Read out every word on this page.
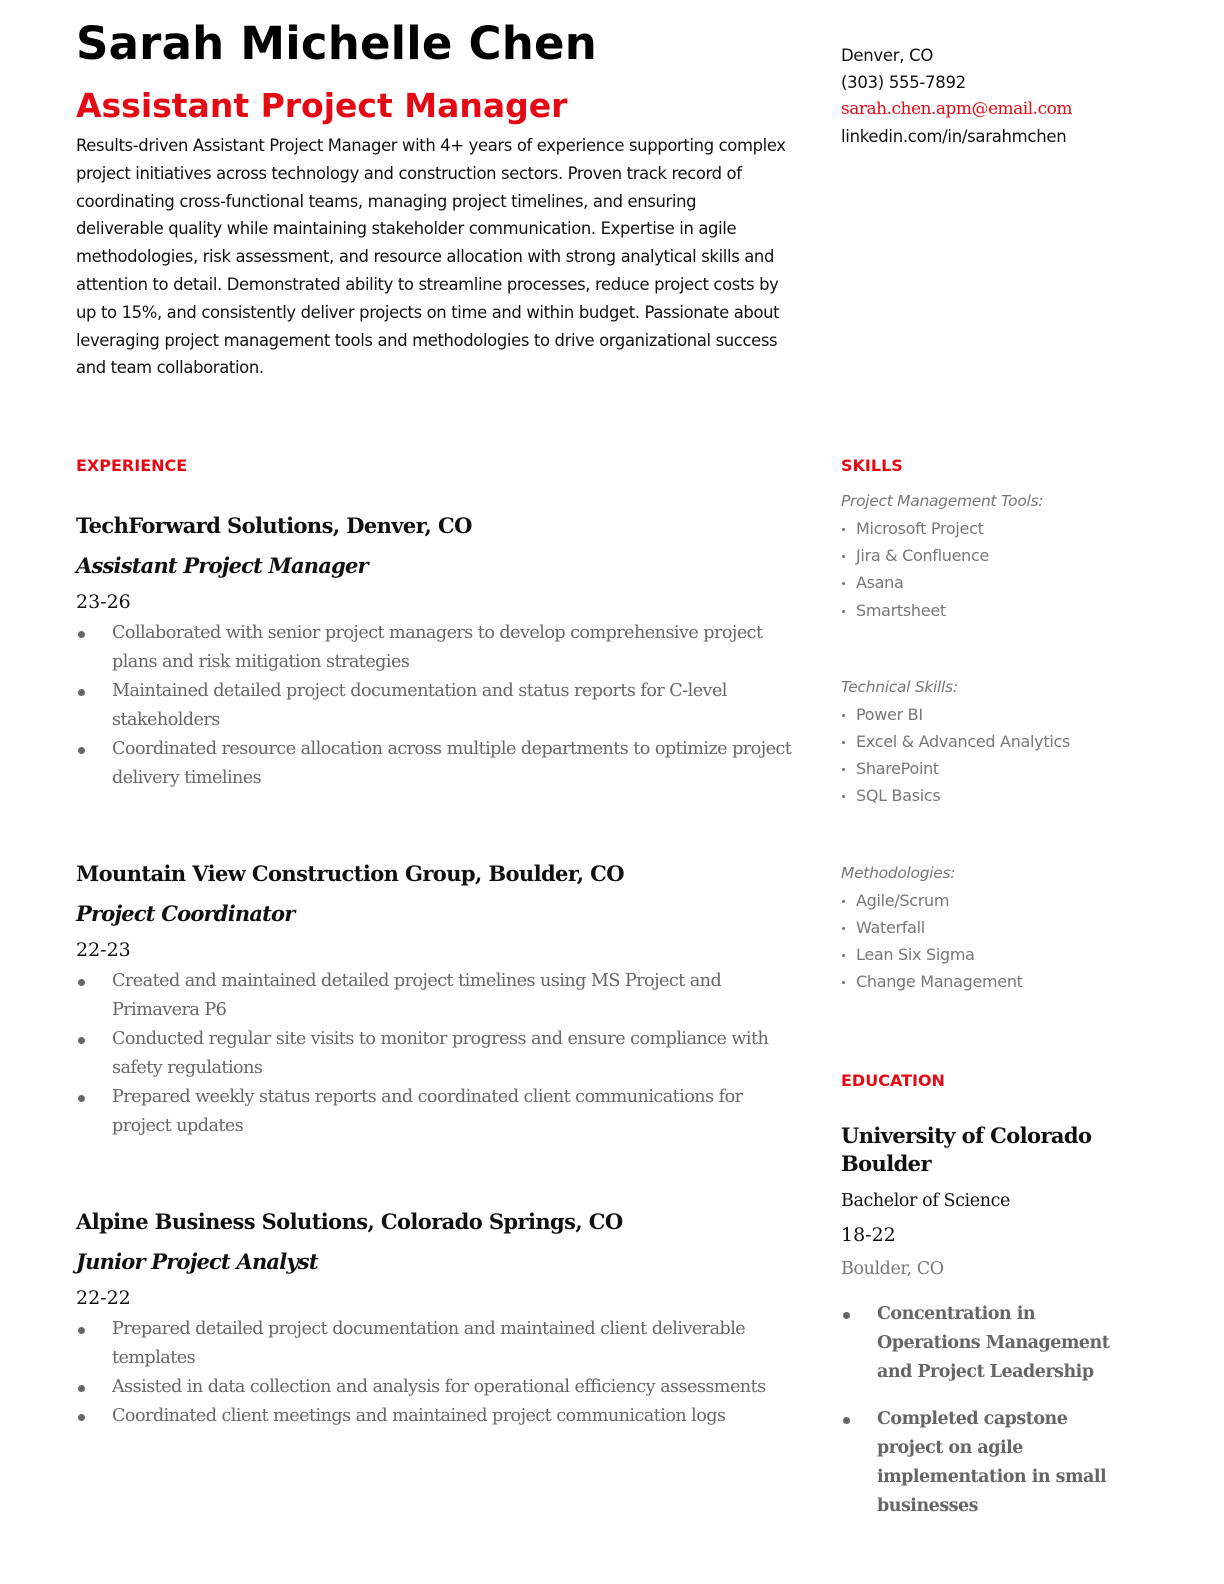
Sarah Michelle Chen
Assistant Project Manager

Results-driven Assistant Project Manager with 4+ years of experience supporting complex project initiatives across technology and construction sectors. Proven track record of coordinating cross-functional teams, managing project timelines, and ensuring deliverable quality while maintaining stakeholder communication. Expertise in agile methodologies, risk assessment, and resource allocation with strong analytical skills and attention to detail. Demonstrated ability to streamline processes, reduce project costs by up to 15%, and consistently deliver projects on time and within budget. Passionate about leveraging project management tools and methodologies to drive organizational success and team collaboration.

Denver, CO
(303) 555-7892
sarah.chen.apm@email.com
linkedin.com/in/sarahmchen
EXPERIENCE
TechForward Solutions, Denver, CO
Assistant Project Manager
23-26
Collaborated with senior project managers to develop comprehensive project plans and risk mitigation strategies
Maintained detailed project documentation and status reports for C-level stakeholders
Coordinated resource allocation across multiple departments to optimize project delivery timelines
Mountain View Construction Group, Boulder, CO
Project Coordinator
22-23
Created and maintained detailed project timelines using MS Project and Primavera P6
Conducted regular site visits to monitor progress and ensure compliance with safety regulations
Prepared weekly status reports and coordinated client communications for project updates
Alpine Business Solutions, Colorado Springs, CO
Junior Project Analyst
22-22
Prepared detailed project documentation and maintained client deliverable templates
Assisted in data collection and analysis for operational efficiency assessments
Coordinated client meetings and maintained project communication logs
SKILLS
Project Management Tools:
Microsoft Project
Jira & Confluence
Asana
Smartsheet
Technical Skills:
Power BI
Excel & Advanced Analytics
SharePoint
SQL Basics
Methodologies:
Agile/Scrum
Waterfall
Lean Six Sigma
Change Management
EDUCATION
University of Colorado Boulder
Bachelor of Science
18-22
Boulder, CO
Concentration in Operations Management and Project Leadership
Completed capstone project on agile implementation in small businesses
